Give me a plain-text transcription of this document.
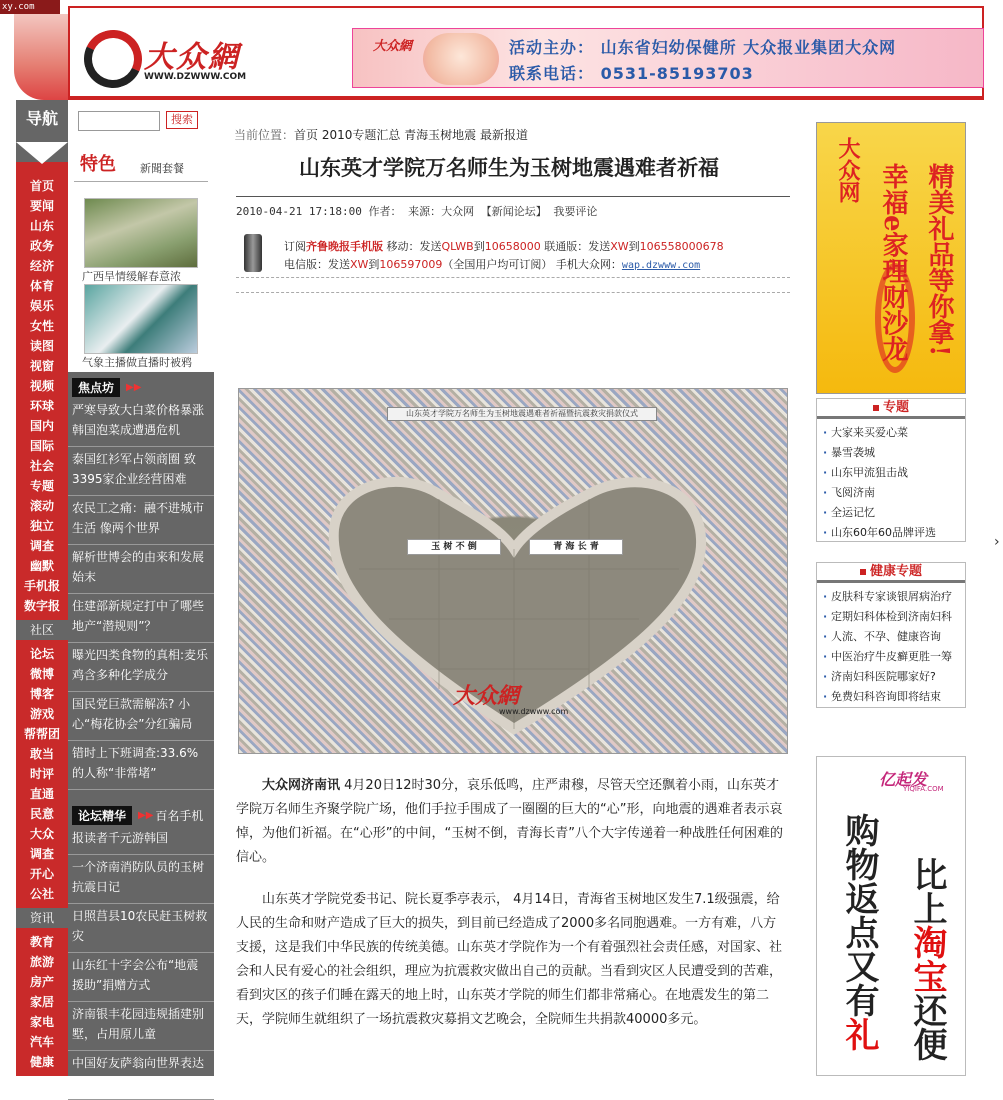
xy.com
大众網
WWW.DZWWW.COM
大众網	活动主办： 山东省妇幼保健所 大众报业集团大众网
联系电话： 0531-85193703
导航
首页
要闻
山东
政务
经济
体育
娱乐
女性
读图
视窗
视频
环球
国内
国际
社会
专题
滚动
独立
调查
幽默
手机报
数字报
社区
论坛
微博
博客
游戏
帮帮团
敢当
时评
直通
民意
大众
调查
开心
公社
资讯
教育
旅游
房产
家居
家电
汽车
健康
搜索
特色 新聞套餐
广西旱情缓解春意浓
气象主播做直播时被鸦
焦点坊	▶▶
严寒导致大白菜价格暴涨 韩国泡菜成遭遇危机
泰国红衫军占领商圈 致3395家企业经营困难
农民工之痛：融不进城市生活 像两个世界
解析世博会的由来和发展始末
住建部新规定打中了哪些地产“潜规则”？
曝光四类食物的真相:麦乐鸡含多种化学成分
国民党巨款需解冻? 小心“梅花协会”分红骗局
错时上下班调查:33.6%的人称“非常堵”
论坛精华	▶▶ 百名手机
报读者千元游韩国
一个济南消防队员的玉树抗震日记
日照莒县10农民赶玉树救灾
山东红十字会公布“地震援助”捐赠方式
济南银丰花园违规插建别墅，占用原儿童
中国好友萨翁向世界表达了公平公正的体
当前位置：首页 2010专题汇总 青海玉树地震 最新报道
山东英才学院万名师生为玉树地震遇难者祈福
2010-04-21 17:18:00 作者： 来源：大众网 【新闻论坛】 我要评论
订阅齐鲁晚报手机版 移动：发送QLWB到10658000 联通版：发送XW到106558000678
电信版：发送XW到106597009（全国用户均可订阅） 手机大众网：wap.dzwww.com
山东英才学院万名师生为玉树地震遇难者祈福暨抗震救灾捐款仪式
玉 树 不 倒	青 海 长 青
大众網
www.dzwww.com
大众网济南讯 4月20日12时30分，哀乐低鸣，庄严肃穆，尽管天空还飘着小雨，山东英才学院万名师生齐聚学院广场，他们手拉手围成了一圈圈的巨大的“心”形，向地震的遇难者表示哀悼，为他们祈福。在“心形”的中间，“玉树不倒，青海长青”八个大字传递着一种战胜任何困难的信心。
山东英才学院党委书记、院长夏季亭表示， 4月14日，青海省玉树地区发生7.1级强震，给人民的生命和财产造成了巨大的损失，到目前已经造成了2000多名同胞遇难。一方有难，八方支援，这是我们中华民族的传统美德。山东英才学院作为一个有着强烈社会责任感，对国家、社会和人民有爱心的社会组织，理应为抗震救灾做出自己的贡献。当看到灾区人民遭受到的苦难，看到灾区的孩子们睡在露天的地上时，山东英才学院的师生们都非常痛心。在地震发生的第二天，学院师生就组织了一场抗震救灾募捐文艺晚会，全院师生共捐款40000多元。
大众网 幸福e家理财沙龙 精美礼品等你拿!
专题
· 大家来买爱心菜
· 暴雪袭城
· 山东甲流狙击战
· 飞阅济南
· 全运记忆
· 山东60年60品牌评选
健康专题
· 皮肤科专家谈银屑病治疗
· 定期妇科体检到济南妇科
· 人流、不孕、健康咨询
· 中医治疗牛皮癣更胜一筹
· 济南妇科医院哪家好?
· 免费妇科咨询即将结束
亿起发
YIQIFA.COM
购物返点又有礼
比上淘宝还便
›
